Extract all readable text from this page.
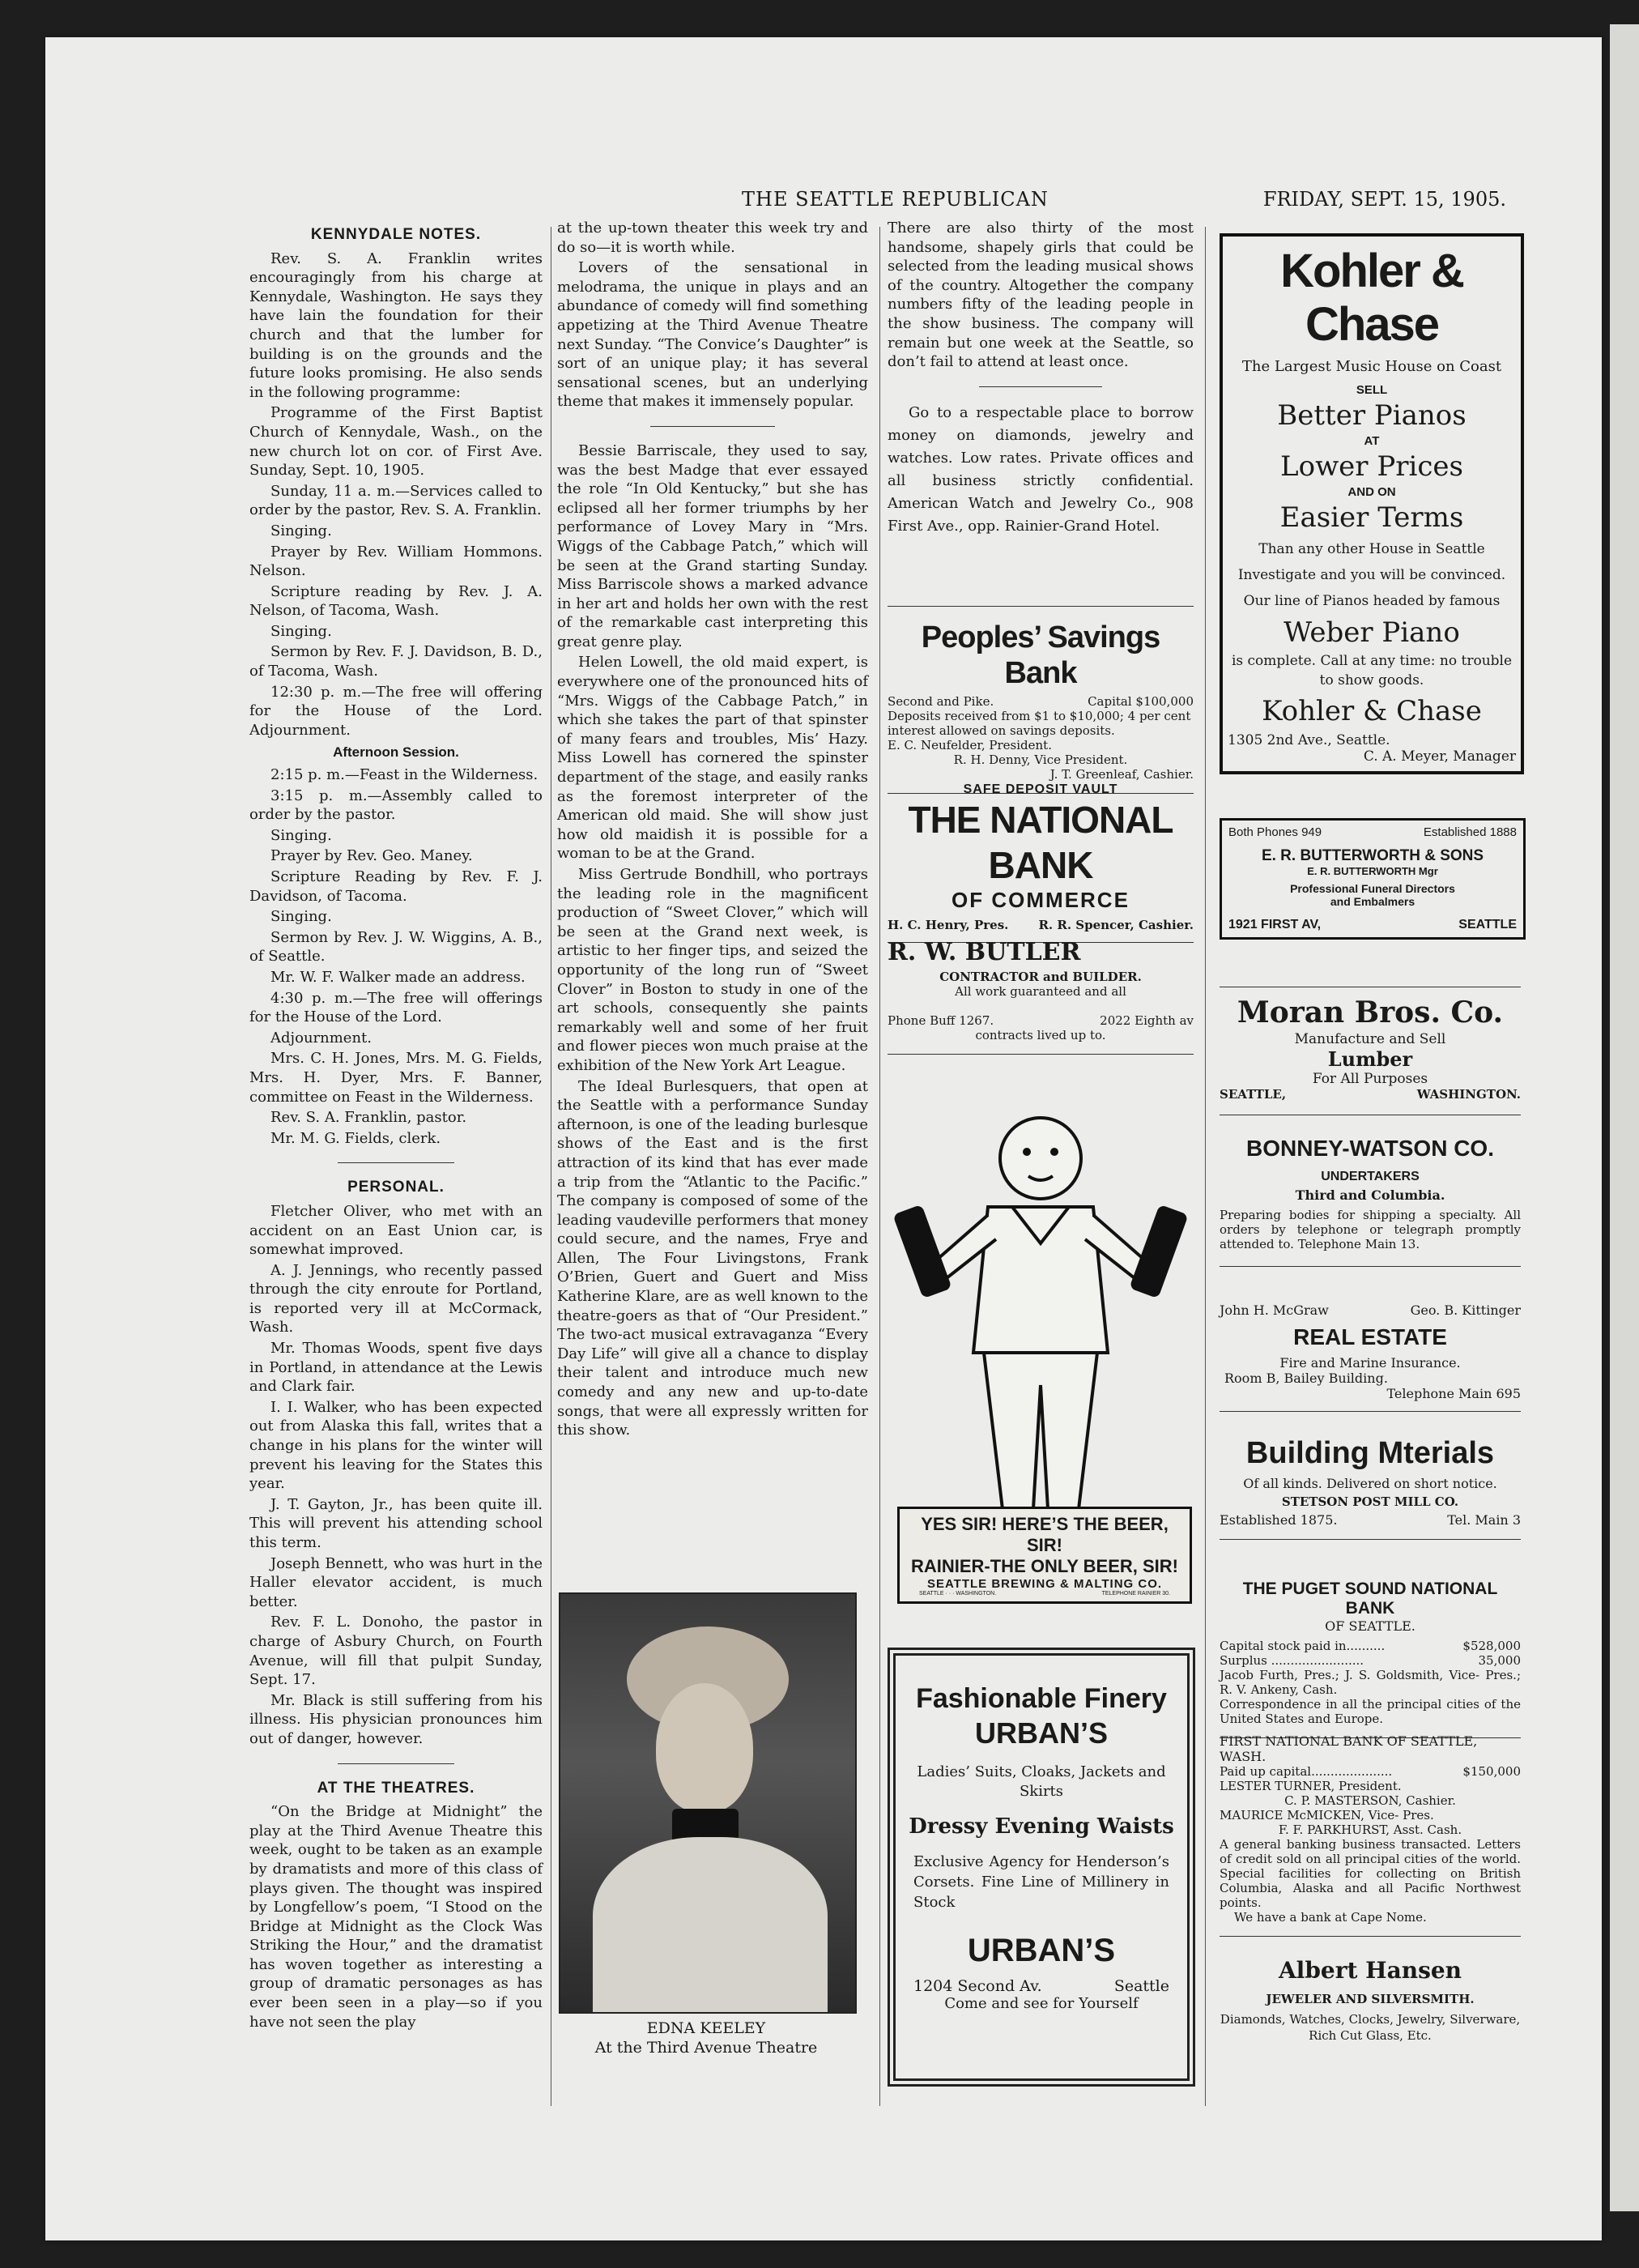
THE SEATTLE REPUBLICAN	FRIDAY, SEPT. 15, 1905.
KENNYDALE NOTES.

Rev. S. A. Franklin writes encouragingly from his charge at Kennydale, Washington. He says they have lain the foundation for their church and that the lumber for building is on the grounds and the future looks promising. He also sends in the following programme:

Programme of the First Baptist Church of Kennydale, Wash., on the new church lot on cor. of First Ave. Sunday, Sept. 10, 1905.

Sunday, 11 a. m.—Services called to order by the pastor, Rev. S. A. Franklin.

Singing.

Prayer by Rev. William Hommons. Nelson.

Scripture reading by Rev. J. A. Nelson, of Tacoma, Wash.

Singing.

Sermon by Rev. F. J. Davidson, B. D., of Tacoma, Wash.

12:30 p. m.—The free will offering for the House of the Lord. Adjournment.

Afternoon Session.

2:15 p. m.—Feast in the Wilderness.

3:15 p. m.—Assembly called to order by the pastor.

Singing.

Prayer by Rev. Geo. Maney.

Scripture Reading by Rev. F. J. Davidson, of Tacoma.

Singing.

Sermon by Rev. J. W. Wiggins, A. B., of Seattle.

Mr. W. F. Walker made an address.

4:30 p. m.—The free will offerings for the House of the Lord.

Adjournment.

Mrs. C. H. Jones, Mrs. M. G. Fields, Mrs. H. Dyer, Mrs. F. Banner, committee on Feast in the Wilderness.

Rev. S. A. Franklin, pastor.

Mr. M. G. Fields, clerk.

PERSONAL.

Fletcher Oliver, who met with an accident on an East Union car, is somewhat improved.

A. J. Jennings, who recently passed through the city enroute for Portland, is reported very ill at McCormack, Wash.

Mr. Thomas Woods, spent five days in Portland, in attendance at the Lewis and Clark fair.

I. I. Walker, who has been expected out from Alaska this fall, writes that a change in his plans for the winter will prevent his leaving for the States this year.

J. T. Gayton, Jr., has been quite ill. This will prevent his attending school this term.

Joseph Bennett, who was hurt in the Haller elevator accident, is much better.

Rev. F. L. Donoho, the pastor in charge of Asbury Church, on Fourth Avenue, will fill that pulpit Sunday, Sept. 17.

Mr. Black is still suffering from his illness. His physician pronounces him out of danger, however.

AT THE THEATRES.

“On the Bridge at Midnight” the play at the Third Avenue Theatre this week, ought to be taken as an example by dramatists and more of this class of plays given. The thought was inspired by Longfellow’s poem, “I Stood on the Bridge at Midnight as the Clock Was Striking the Hour,” and the dramatist has woven together as interesting a group of dramatic personages as has ever been seen in a play—so if you have not seen the play

at the up-town theater this week try and do so—it is worth while.

Lovers of the sensational in melodrama, the unique in plays and an abundance of comedy will find something appetizing at the Third Avenue Theatre next Sunday. “The Convice’s Daughter” is sort of an unique play; it has several sensational scenes, but an underlying theme that makes it immensely popular.

Bessie Barriscale, they used to say, was the best Madge that ever essayed the role “In Old Kentucky,” but she has eclipsed all her former triumphs by her performance of Lovey Mary in “Mrs. Wiggs of the Cabbage Patch,” which will be seen at the Grand starting Sunday. Miss Barriscole shows a marked advance in her art and holds her own with the rest of the remarkable cast interpreting this great genre play.

Helen Lowell, the old maid expert, is everywhere one of the pronounced hits of “Mrs. Wiggs of the Cabbage Patch,” in which she takes the part of that spinster of many fears and troubles, Mis’ Hazy. Miss Lowell has cornered the spinster department of the stage, and easily ranks as the foremost interpreter of the American old maid. She will show just how old maidish it is possible for a woman to be at the Grand.

Miss Gertrude Bondhill, who portrays the leading role in the magnificent production of “Sweet Clover,” which will be seen at the Grand next week, is artistic to her finger tips, and seized the opportunity of the long run of “Sweet Clover” in Boston to study in one of the art schools, consequently she paints remarkably well and some of her fruit and flower pieces won much praise at the exhibition of the New York Art League.

The Ideal Burlesquers, that open at the Seattle with a performance Sunday afternoon, is one of the leading burlesque shows of the East and is the first attraction of its kind that has ever made a trip from the “Atlantic to the Pacific.” The company is composed of some of the leading vaudeville performers that money could secure, and the names, Frye and Allen, The Four Livingstons, Frank O’Brien, Guert and Guert and Miss Katherine Klare, are as well known to the theatre-goers as that of “Our President.” The two-act musical extravaganza “Every Day Life” will give all a chance to display their talent and introduce much new comedy and any new and up-to-date songs, that were all expressly written for this show.

EDNA KEELEY
At the Third Avenue Theatre

There are also thirty of the most handsome, shapely girls that could be selected from the leading musical shows of the country. Altogether the company numbers fifty of the leading people in the show business. The company will remain but one week at the Seattle, so don’t fail to attend at least once.

Go to a respectable place to borrow money on diamonds, jewelry and watches. Low rates. Private offices and all business strictly confidential. American Watch and Jewelry Co., 908 First Ave., opp. Rainier-Grand Hotel.

Peoples’ Savings Bank
Second and Pike.	Capital $100,000
Deposits received from $1 to $10,000; 4 per cent interest allowed on savings deposits.
E. C. Neufelder, President.
R. H. Denny, Vice President.
J. T. Greenleaf, Cashier.
SAFE DEPOSIT VAULT
THE NATIONAL BANK
OF COMMERCE
H. C. Henry, Pres. R. R. Spencer, Cashier.
R. W. BUTLER
CONTRACTOR and BUILDER.
All work guaranteed and all
Phone Buff 1267.	2022 Eighth av
contracts lived up to.
YES SIR! HERE’S THE BEER, SIR!
RAINIER-THE ONLY BEER, SIR!
SEATTLE BREWING & MALTING CO.
SEATTLE · · · WASHINGTON.	TELEPHONE RAINIER 30.
Fashionable Finery
URBAN’S
Ladies’ Suits, Cloaks, Jackets and Skirts
Dressy Evening Waists
Exclusive Agency for Henderson’s Corsets. Fine Line of Millinery in Stock
URBAN’S
1204 Second Av.	Seattle
Come and see for Yourself
Kohler & Chase
The Largest Music House on Coast
SELL
Better Pianos
AT
Lower Prices
AND ON
Easier Terms
Than any other House in Seattle
Investigate and you will be convinced.
Our line of Pianos headed by famous
Weber Piano
is complete. Call at any time: no trouble to show goods.
Kohler & Chase
1305 2nd Ave., Seattle.
C. A. Meyer, Manager
Both Phones 949	Established 1888
E. R. BUTTERWORTH & SONS
E. R. BUTTERWORTH Mgr
Professional Funeral Directors
and Embalmers
1921 FIRST AV,	SEATTLE
Moran Bros. Co.
Manufacture and Sell
Lumber
For All Purposes
SEATTLE,	WASHINGTON.
BONNEY-WATSON CO.
UNDERTAKERS
Third and Columbia.
Preparing bodies for shipping a specialty. All orders by telephone or telegraph promptly attended to. Telephone Main 13.
John H. McGraw	Geo. B. Kittinger
REAL ESTATE
Fire and Marine Insurance.
Room B, Bailey Building.
Telephone Main 695
Building Mterials
Of all kinds. Delivered on short notice.
STETSON POST MILL CO.
Established 1875.	Tel. Main 3
THE PUGET SOUND NATIONAL BANK
OF SEATTLE.
Capital stock paid in..........	$528,000
Surplus ........................	35,000
Jacob Furth, Pres.; J. S. Goldsmith, Vice- Pres.; R. V. Ankeny, Cash.
Correspondence in all the principal cities of the United States and Europe.
FIRST NATIONAL BANK OF SEATTLE, WASH.
Paid up capital.....................	$150,000
LESTER TURNER, President.
C. P. MASTERSON, Cashier.
MAURICE McMICKEN, Vice- Pres.
F. F. PARKHURST, Asst. Cash.
A general banking business transacted. Letters of credit sold on all principal cities of the world. Special facilities for collecting on British Columbia, Alaska and all Pacific Northwest points.
We have a bank at Cape Nome.
Albert Hansen
JEWELER AND SILVERSMITH.
Diamonds, Watches, Clocks, Jewelry, Silverware, Rich Cut Glass, Etc.
